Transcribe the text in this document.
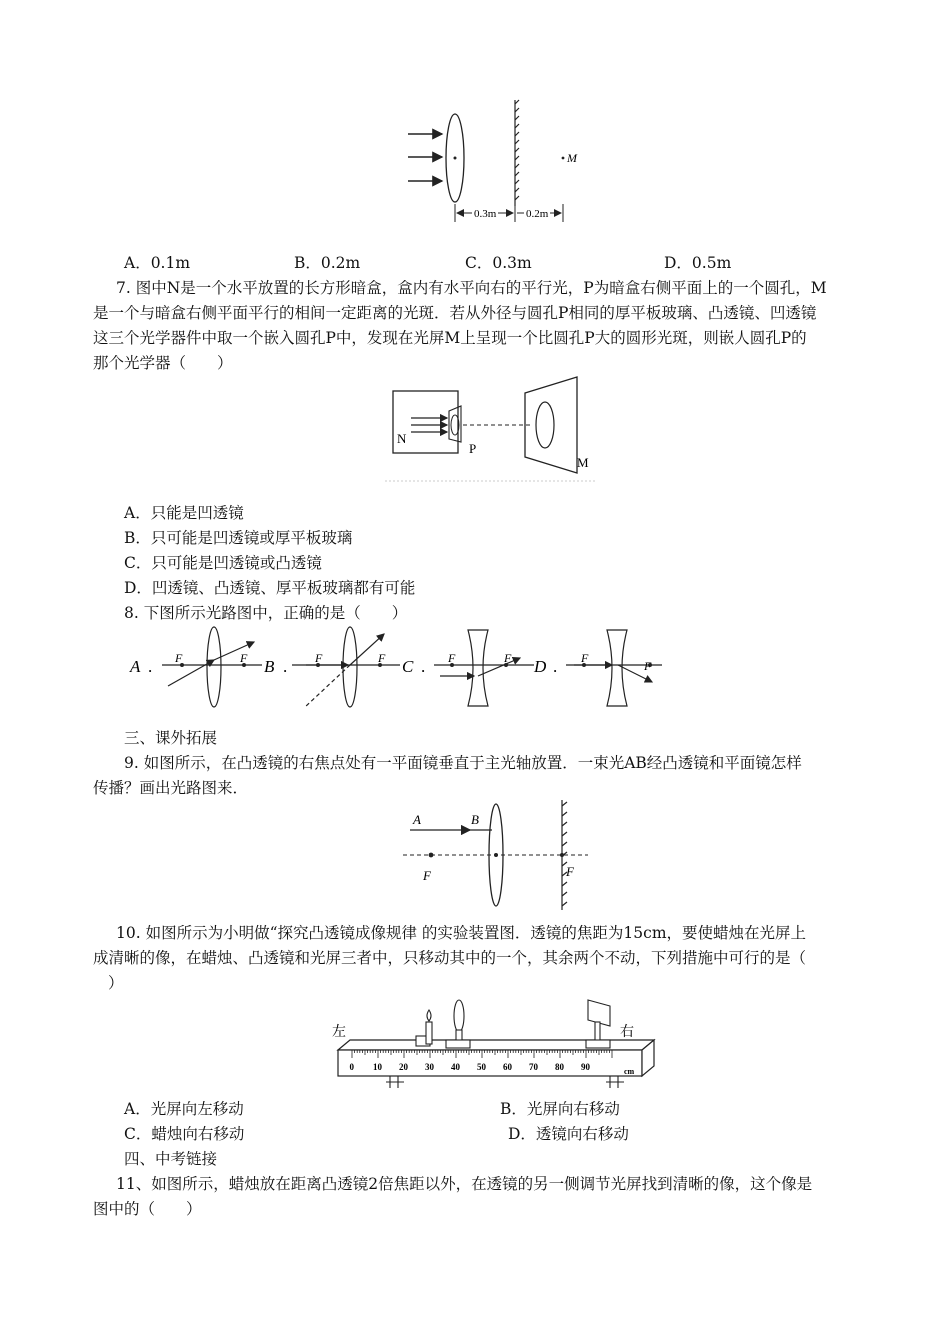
M
0.3m	0.2m
A．0.1m	B．0.2m	C．0.3m	D．0.5m
7. 图中N是一个水平放置的长方形暗盒，盒内有水平向右的平行光，P为暗盒右侧平面上的一个圆孔，M
是一个与暗盒右侧平面平行的相间一定距离的光斑．若从外径与圆孔P相同的厚平板玻璃、凸透镜、凹透镜
这三个光学器件中取一个嵌入圆孔P中，发现在光屏M上呈现一个比圆孔P大的圆形光斑，则嵌人圆孔P的
那个光学器（　　）
N
P
M
A．只能是凹透镜
B．只可能是凹透镜或厚平板玻璃
C．只可能是凹透镜或凸透镜
D．凹透镜、凸透镜、厚平板玻璃都有可能
8. 下图所示光路图中，正确的是（　　）
A . F	F B . F	F C . F	F D . F
F
三、课外拓展
9. 如图所示，在凸透镜的右焦点处有一平面镜垂直于主光轴放置．一束光AB经凸透镜和平面镜怎样
传播？画出光路图来．
A	B
F	F
10. 如图所示为小明做“探究凸透镜成像规律 的实验装置图．透镜的焦距为15cm，要使蜡烛在光屏上
成清晰的像，在蜡烛、凸透镜和光屏三者中，只移动其中的一个，其余两个不动，下列措施中可行的是（
）
左	右
0 10 20 30 40 50 60 70 80 90	cm
A．光屏向左移动	B．光屏向右移动
C．蜡烛向右移动	D．透镜向右移动
四、中考链接
11、如图所示，蜡烛放在距离凸透镜2倍焦距以外，在透镜的另一侧调节光屏找到清晰的像，这个像是
图中的（　　）
